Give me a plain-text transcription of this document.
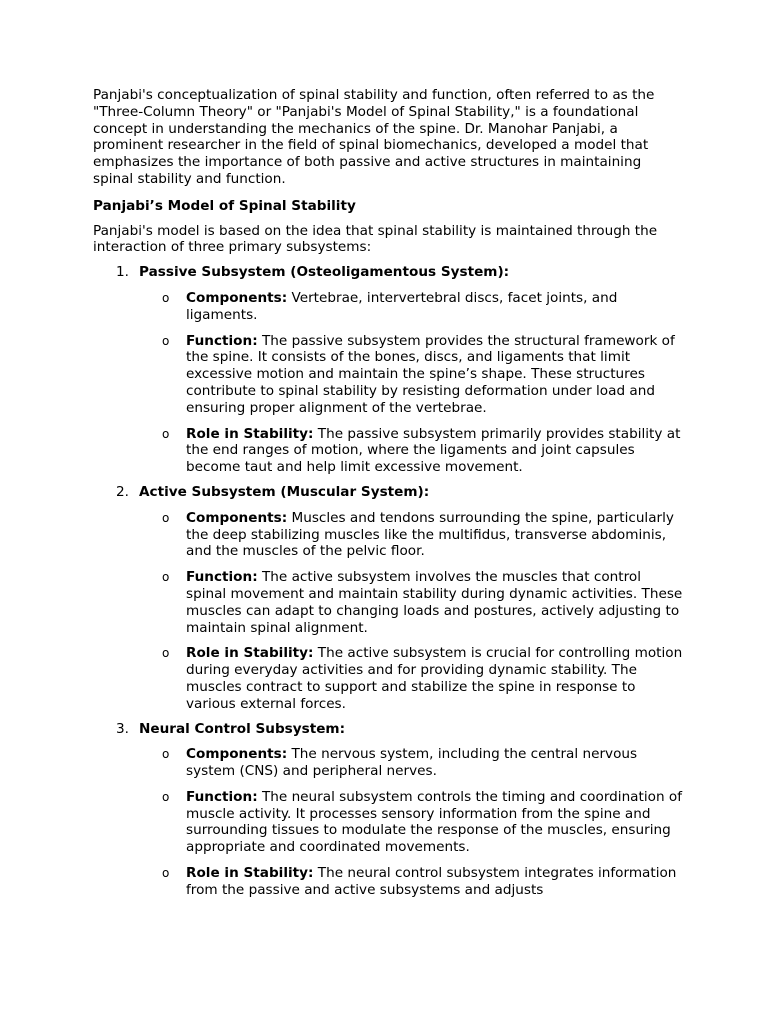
Panjabi's conceptualization of spinal stability and function, often referred to as the "Three-Column Theory" or "Panjabi's Model of Spinal Stability," is a foundational concept in understanding the mechanics of the spine. Dr. Manohar Panjabi, a prominent researcher in the field of spinal biomechanics, developed a model that emphasizes the importance of both passive and active structures in maintaining spinal stability and function.

Panjabi’s Model of Spinal Stability

Panjabi's model is based on the idea that spinal stability is maintained through the interaction of three primary subsystems:

1. Passive Subsystem (Osteoligamentous System):
o Components: Vertebrae, intervertebral discs, facet joints, and ligaments.
o Function: The passive subsystem provides the structural framework of the spine. It consists of the bones, discs, and ligaments that limit excessive motion and maintain the spine’s shape. These structures contribute to spinal stability by resisting deformation under load and ensuring proper alignment of the vertebrae.
o Role in Stability: The passive subsystem primarily provides stability at the end ranges of motion, where the ligaments and joint capsules become taut and help limit excessive movement.
2. Active Subsystem (Muscular System):
o Components: Muscles and tendons surrounding the spine, particularly the deep stabilizing muscles like the multifidus, transverse abdominis, and the muscles of the pelvic floor.
o Function: The active subsystem involves the muscles that control spinal movement and maintain stability during dynamic activities. These muscles can adapt to changing loads and postures, actively adjusting to maintain spinal alignment.
o Role in Stability: The active subsystem is crucial for controlling motion during everyday activities and for providing dynamic stability. The muscles contract to support and stabilize the spine in response to various external forces.
3. Neural Control Subsystem:
o Components: The nervous system, including the central nervous system (CNS) and peripheral nerves.
o Function: The neural subsystem controls the timing and coordination of muscle activity. It processes sensory information from the spine and surrounding tissues to modulate the response of the muscles, ensuring appropriate and coordinated movements.
o Role in Stability: The neural control subsystem integrates information from the passive and active subsystems and adjusts
